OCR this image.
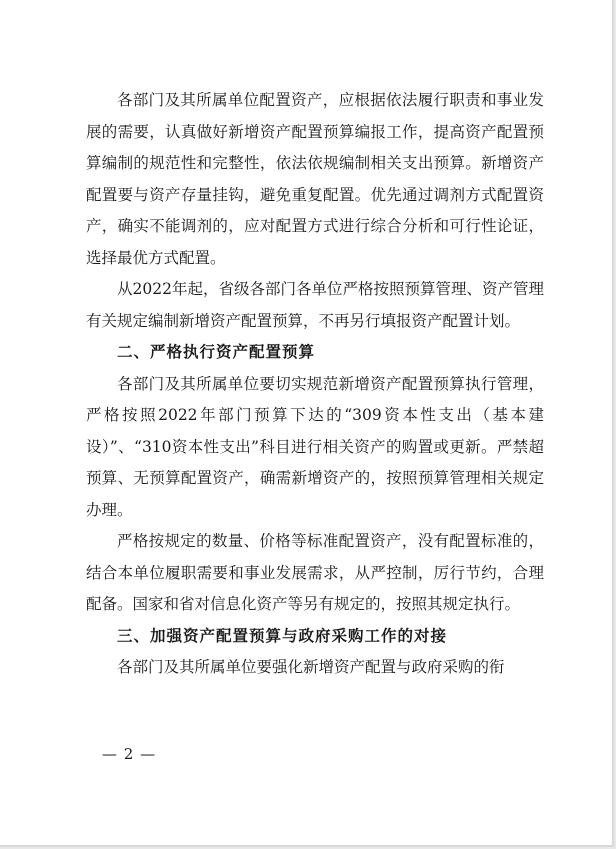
各部门及其所属单位配置资产，应根据依法履行职责和事业发展的需要，认真做好新增资产配置预算编报工作，提高资产配置预算编制的规范性和完整性，依法依规编制相关支出预算。新增资产配置要与资产存量挂钩，避免重复配置。优先通过调剂方式配置资产，确实不能调剂的，应对配置方式进行综合分析和可行性论证，选择最优方式配置。

从2022年起，省级各部门各单位严格按照预算管理、资产管理有关规定编制新增资产配置预算，不再另行填报资产配置计划。

二、严格执行资产配置预算

各部门及其所属单位要切实规范新增资产配置预算执行管理，严格按照2022年部门预算下达的“309资本性支出（基本建设）”、“310资本性支出”科目进行相关资产的购置或更新。严禁超预算、无预算配置资产，确需新增资产的，按照预算管理相关规定办理。

严格按规定的数量、价格等标准配置资产，没有配置标准的，结合本单位履职需要和事业发展需求，从严控制，厉行节约，合理配备。国家和省对信息化资产等另有规定的，按照其规定执行。

三、加强资产配置预算与政府采购工作的对接

各部门及其所属单位要强化新增资产配置与政府采购的衔

— 2 —
